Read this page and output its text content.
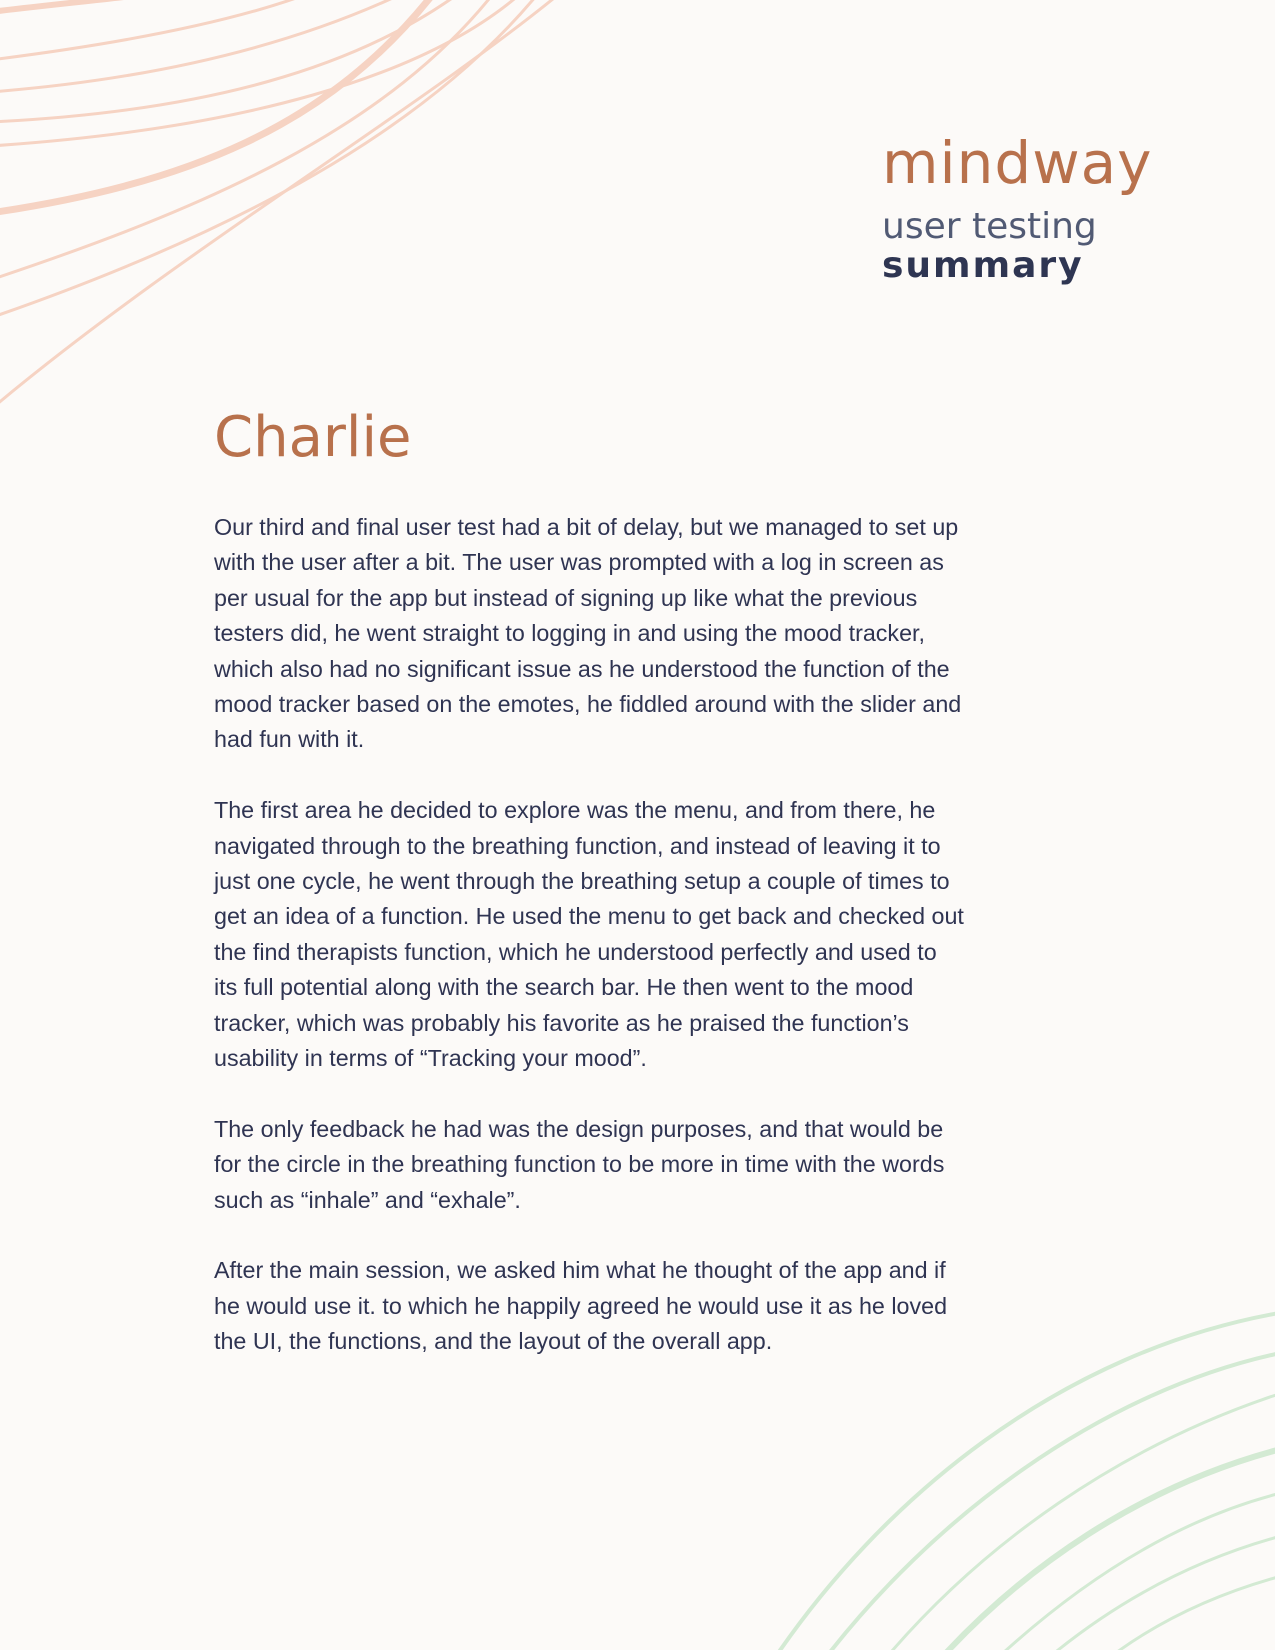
mindway
user testing
summary
Charlie

Our third and final user test had a bit of delay, but we managed to set up
with the user after a bit. The user was prompted with a log in screen as
per usual for the app but instead of signing up like what the previous
testers did, he went straight to logging in and using the mood tracker,
which also had no significant issue as he understood the function of the
mood tracker based on the emotes, he fiddled around with the slider and
had fun with it.

The first area he decided to explore was the menu, and from there, he
navigated through to the breathing function, and instead of leaving it to
just one cycle, he went through the breathing setup a couple of times to
get an idea of a function. He used the menu to get back and checked out
the find therapists function, which he understood perfectly and used to
its full potential along with the search bar. He then went to the mood
tracker, which was probably his favorite as he praised the function’s
usability in terms of “Tracking your mood”.

The only feedback he had was the design purposes, and that would be
for the circle in the breathing function to be more in time with the words
such as “inhale” and “exhale”.

After the main session, we asked him what he thought of the app and if
he would use it. to which he happily agreed he would use it as he loved
the UI, the functions, and the layout of the overall app.
